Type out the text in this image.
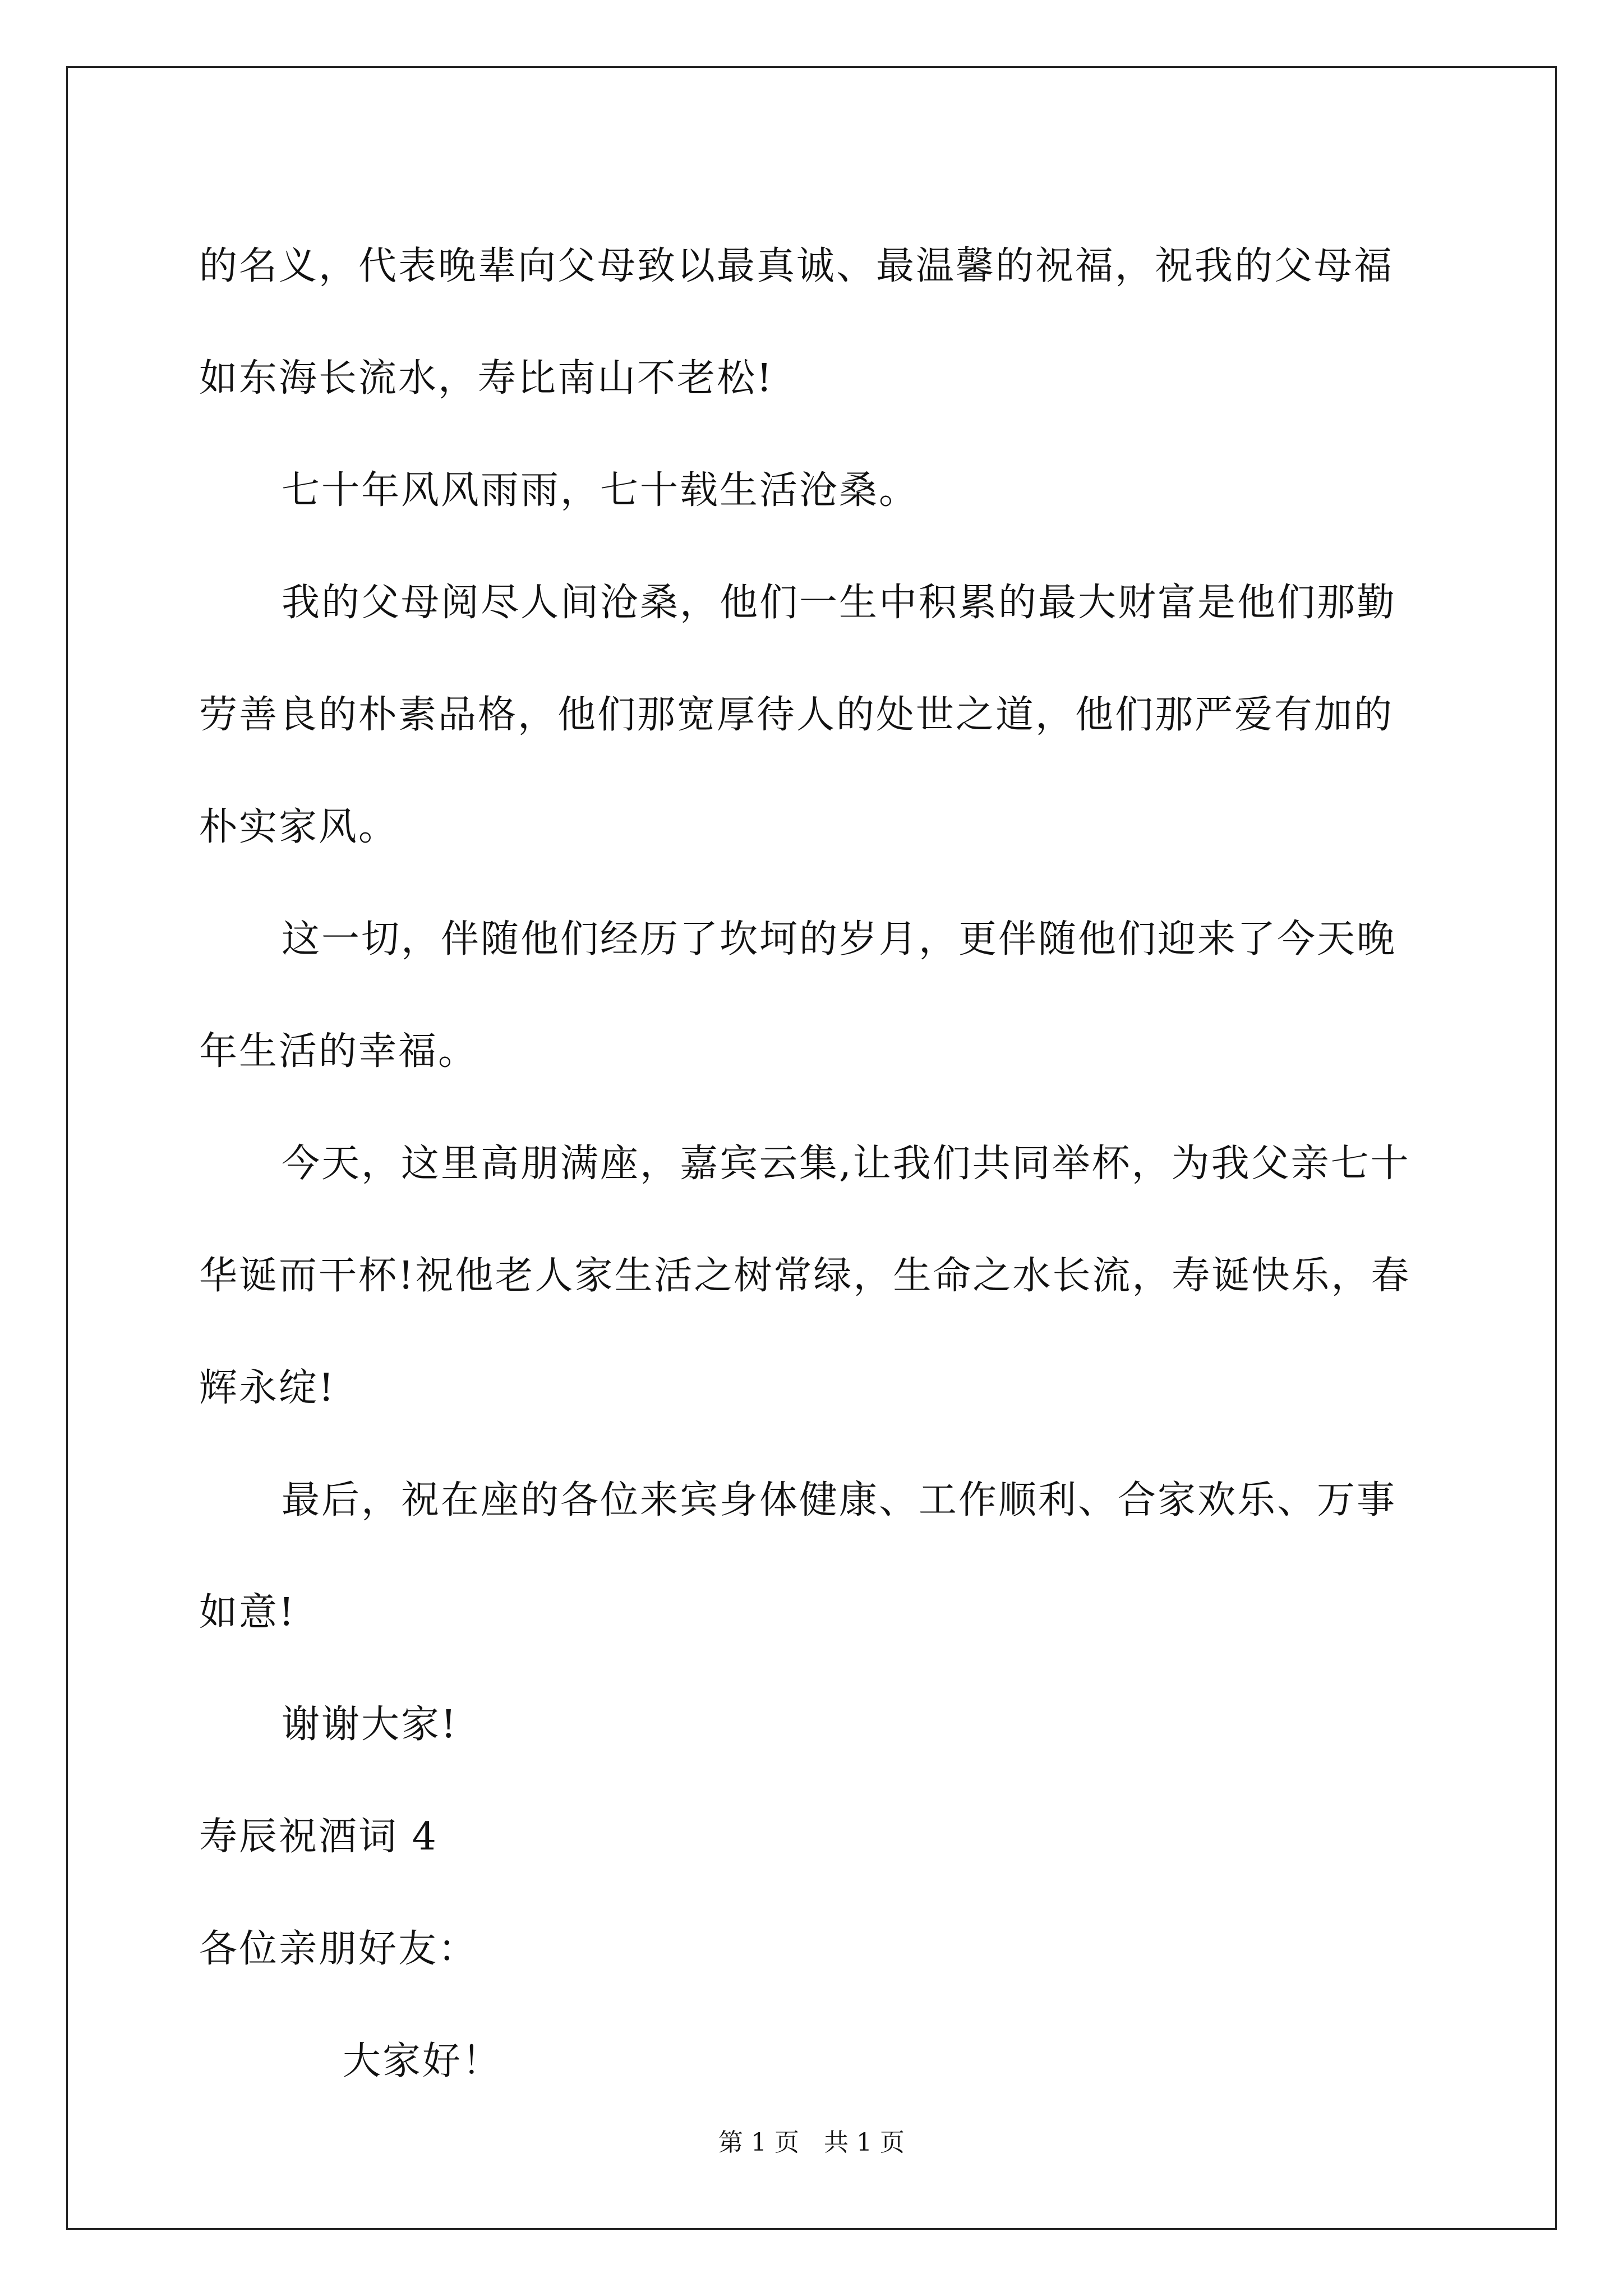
的名义，代表晚辈向父母致以最真诚、最温馨的祝福，祝我的父母福
如东海长流水，寿比南山不老松!
七十年风风雨雨，七十载生活沧桑。
我的父母阅尽人间沧桑，他们一生中积累的最大财富是他们那勤
劳善良的朴素品格，他们那宽厚待人的处世之道，他们那严爱有加的
朴实家风。
这一切，伴随他们经历了坎坷的岁月，更伴随他们迎来了今天晚
年生活的幸福。
今天，这里高朋满座，嘉宾云集,让我们共同举杯，为我父亲七十
华诞而干杯!祝他老人家生活之树常绿，生命之水长流，寿诞快乐，春
辉永绽!
最后，祝在座的各位来宾身体健康、工作顺利、合家欢乐、万事
如意!
谢谢大家!
寿辰祝酒词 4
各位亲朋好友：
大家好！
第 1 页　共 1 页
